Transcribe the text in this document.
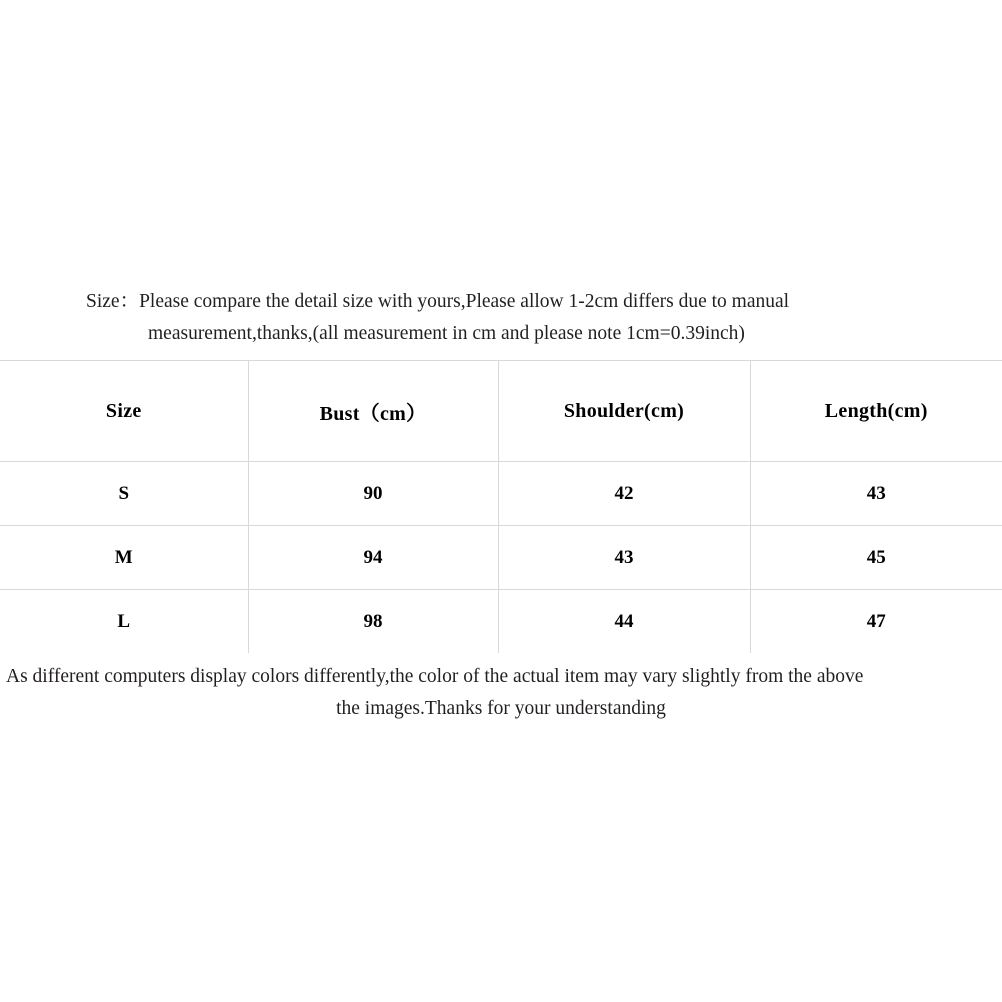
Size：Please compare the detail size with yours,Please allow 1-2cm differs due to manual
measurement,thanks,(all measurement in cm and please note 1cm=0.39inch)
Size	Bust（cm）	Shoulder(cm)	Length(cm)
S	90	42	43
M	94	43	45
L	98	44	47
As different computers display colors differently,the color of the actual item may vary slightly from the above
the images.Thanks for your understanding
